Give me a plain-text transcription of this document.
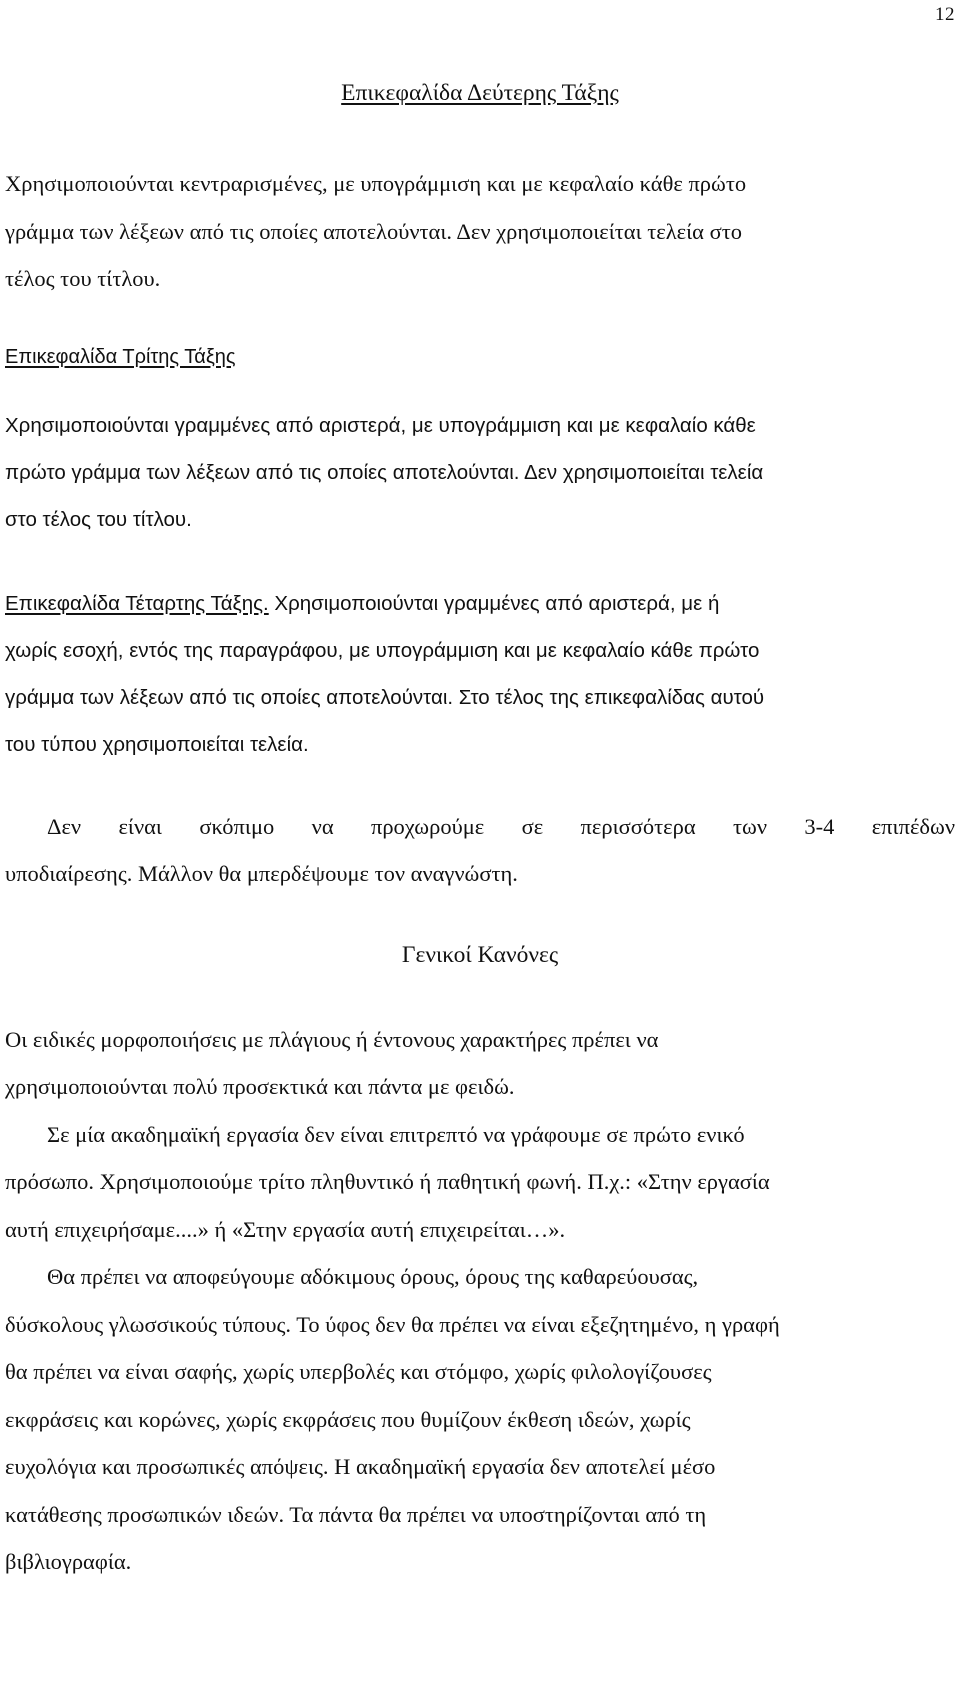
12

Επικεφαλίδα Δεύτερης Τάξης

Χρησιμοποιούνται κεντραρισμένες, με υπογράμμιση και με κεφαλαίο κάθε πρώτο
γράμμα των λέξεων από τις οποίες αποτελούνται. Δεν χρησιμοποιείται τελεία στο
τέλος του τίτλου.

Επικεφαλίδα Τρίτης Τάξης

Χρησιμοποιούνται γραμμένες από αριστερά, με υπογράμμιση και με κεφαλαίο κάθε
πρώτο γράμμα των λέξεων από τις οποίες αποτελούνται. Δεν χρησιμοποιείται τελεία
στο τέλος του τίτλου.
Επικεφαλίδα Τέταρτης Τάξης. Χρησιμοποιούνται γραμμένες από αριστερά, με ή
χωρίς εσοχή, εντός της παραγράφου, με υπογράμμιση και με κεφαλαίο κάθε πρώτο
γράμμα των λέξεων από τις οποίες αποτελούνται. Στο τέλος της επικεφαλίδας αυτού
του τύπου χρησιμοποιείται τελεία.
Δεν είναι σκόπιμο να προχωρούμε σε περισσότερα των 3-4 επιπέδων
υποδιαίρεσης. Μάλλον θα μπερδέψουμε τον αναγνώστη.

Γενικοί Κανόνες

Οι ειδικές μορφοποιήσεις με πλάγιους ή έντονους χαρακτήρες πρέπει να
χρησιμοποιούνται πολύ προσεκτικά και πάντα με φειδώ.
Σε μία ακαδημαϊκή εργασία δεν είναι επιτρεπτό να γράφουμε σε πρώτο ενικό
πρόσωπο. Χρησιμοποιούμε τρίτο πληθυντικό ή παθητική φωνή. Π.χ.: «Στην εργασία
αυτή επιχειρήσαμε....» ή «Στην εργασία αυτή επιχειρείται…».
Θα πρέπει να αποφεύγουμε αδόκιμους όρους, όρους της καθαρεύουσας,
δύσκολους γλωσσικούς τύπους. Το ύφος δεν θα πρέπει να είναι εξεζητημένο, η γραφή
θα πρέπει να είναι σαφής, χωρίς υπερβολές και στόμφο, χωρίς φιλολογίζουσες
εκφράσεις και κορώνες, χωρίς εκφράσεις που θυμίζουν έκθεση ιδεών, χωρίς
ευχολόγια και προσωπικές απόψεις. Η ακαδημαϊκή εργασία δεν αποτελεί μέσο
κατάθεσης προσωπικών ιδεών. Τα πάντα θα πρέπει να υποστηρίζονται από τη
βιβλιογραφία.
